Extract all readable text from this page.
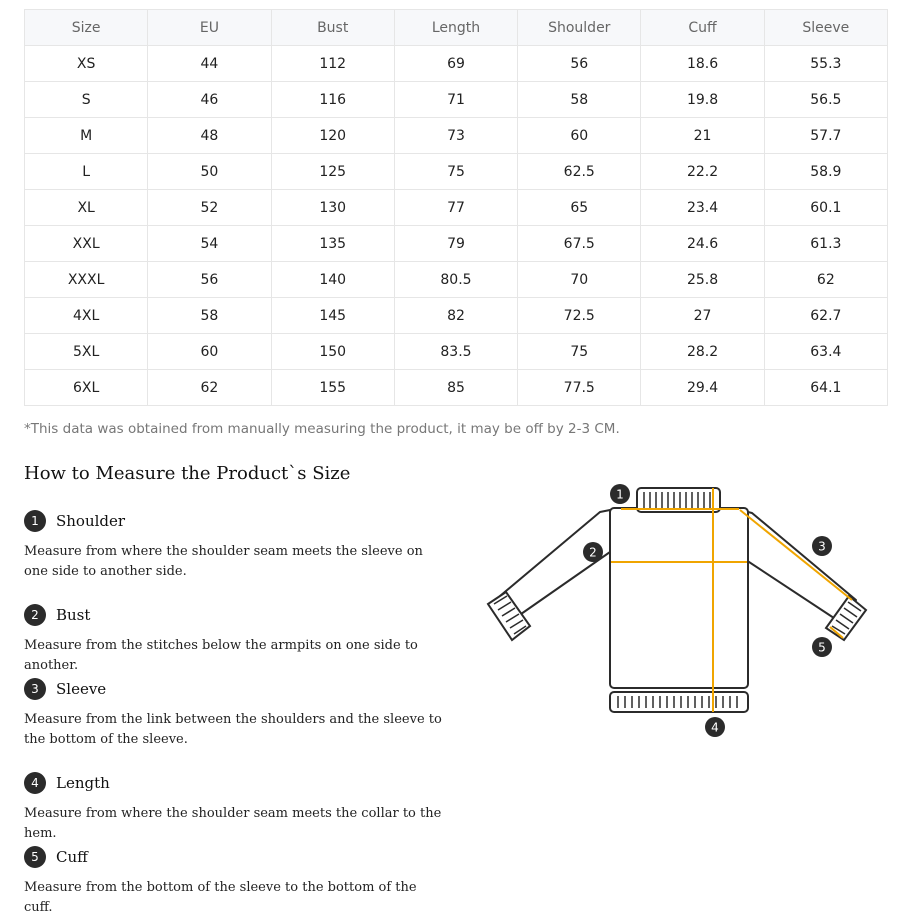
Size	EU	Bust	Length	Shoulder	Cuff	Sleeve
XS	44	112	69	56	18.6	55.3
S	46	116	71	58	19.8	56.5
M	48	120	73	60	21	57.7
L	50	125	75	62.5	22.2	58.9
XL	52	130	77	65	23.4	60.1
XXL	54	135	79	67.5	24.6	61.3
XXXL	56	140	80.5	70	25.8	62
4XL	58	145	82	72.5	27	62.7
5XL	60	150	83.5	75	28.2	63.4
6XL	62	155	85	77.5	29.4	64.1
*This data was obtained from manually measuring the product, it may be off by 2-3 CM.
How to Measure the Product`s Size
1	Shoulder
Measure from where the shoulder seam meets the sleeve on one side to another side.
2	Bust
Measure from the stitches below the armpits on one side to another.
3	Sleeve
Measure from the link between the shoulders and the sleeve to the bottom of the sleeve.
4	Length
Measure from where the shoulder seam meets the collar to the hem.
5	Cuff
Measure from the bottom of the sleeve to the bottom of the cuff.
1
2	3
4
5
